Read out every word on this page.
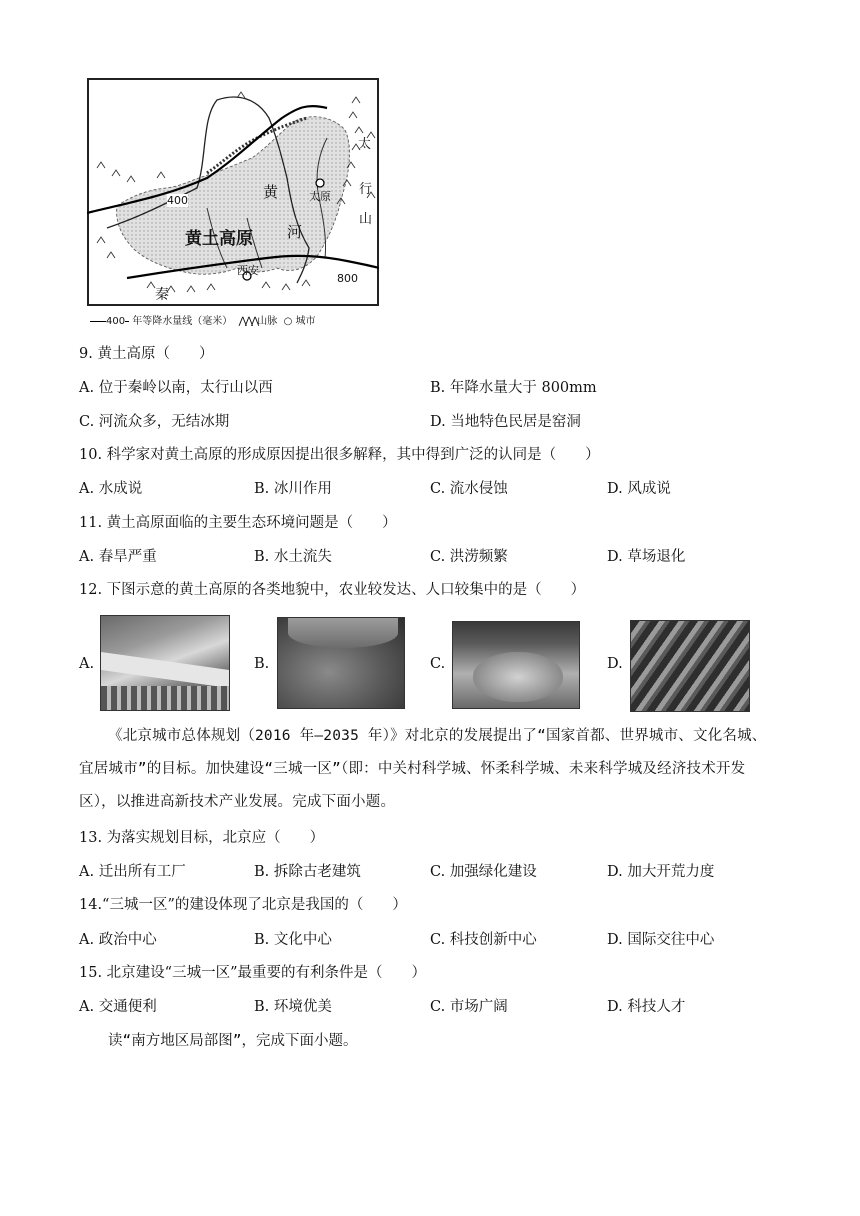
黄土高原
黄
河
太原
西安
秦
太
行
山
400
800
400 年等降水量线（毫米） ⋀⋀⋀山脉 ○ 城市
9. 黄土高原（　　）
A. 位于秦岭以南，太行山以西	B. 年降水量大于 800mm
C. 河流众多，无结冰期	D. 当地特色民居是窑洞
10. 科学家对黄土高原的形成原因提出很多解释，其中得到广泛的认同是（　　）
A. 水成说	B. 冰川作用	C. 流水侵蚀	D. 风成说
11. 黄土高原面临的主要生态环境问题是（　　）
A. 春旱严重	B. 水土流失	C. 洪涝频繁	D. 草场退化
12. 下图示意的黄土高原的各类地貌中，农业较发达、人口较集中的是（　　）
A.	B.	C.	D.
《北京城市总体规划（2016 年—2035 年）》对北京的发展提出了“国家首都、世界城市、文化名城、宜居城市”的目标。加快建设“三城一区”（即：中关村科学城、怀柔科学城、未来科学城及经济技术开发区），以推进高新技术产业发展。完成下面小题。
13. 为落实规划目标，北京应（　　）
A. 迁出所有工厂	B. 拆除古老建筑	C. 加强绿化建设	D. 加大开荒力度
14.“三城一区”的建设体现了北京是我国的（　　）
A. 政治中心	B. 文化中心	C. 科技创新中心	D. 国际交往中心
15. 北京建设“三城一区”最重要的有利条件是（　　）
A. 交通便利	B. 环境优美	C. 市场广阔	D. 科技人才
读“南方地区局部图”，完成下面小题。
